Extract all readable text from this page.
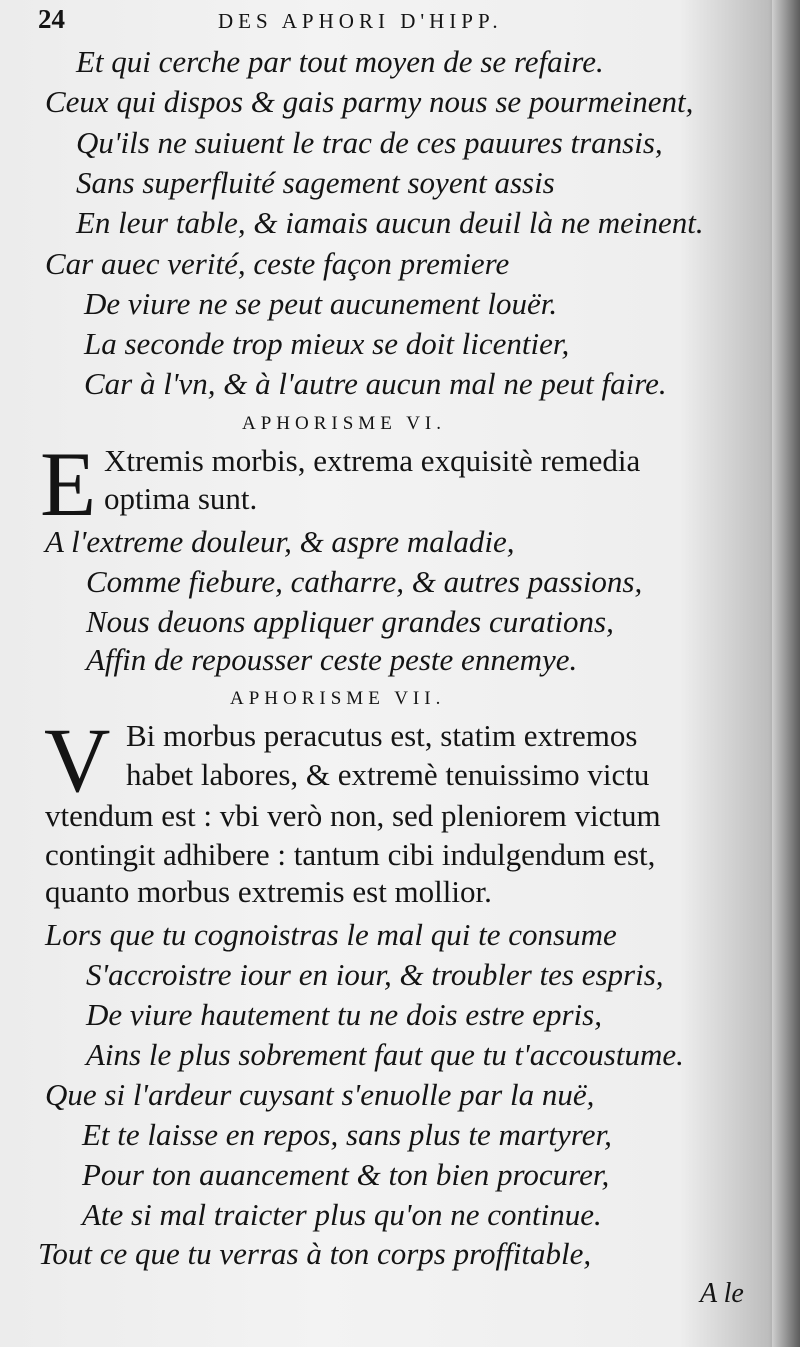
24	DES APHORI D'HIPP.
Et qui cerche par tout moyen de se refaire.
Ceux qui dispos & gais parmy nous se pourmeinent,
Qu'ils ne suiuent le trac de ces pauures transis,
Sans superfluité sagement soyent assis
En leur table, & iamais aucun deuil là ne meinent.
Car auec verité, ceste façon premiere
De viure ne se peut aucunement louër.
La seconde trop mieux se doit licentier,
Car à l'vn, & à l'autre aucun mal ne peut faire.
APHORISME VI.
E Xtremis morbis, extrema exquisitè remedia
optima sunt.
A l'extreme douleur, & aspre maladie,
Comme fiebure, catharre, & autres passions,
Nous deuons appliquer grandes curations,
Affin de repousser ceste peste ennemye.
APHORISME VII.
V Bi morbus peracutus est, statim extremos
habet labores, & extremè tenuissimo victu
vtendum est : vbi verò non, sed pleniorem victum
contingit adhibere : tantum cibi indulgendum est,
quanto morbus extremis est mollior.
Lors que tu cognoistras le mal qui te consume
S'accroistre iour en iour, & troubler tes espris,
De viure hautement tu ne dois estre epris,
Ains le plus sobrement faut que tu t'accoustume.
Que si l'ardeur cuysant s'enuolle par la nuë,
Et te laisse en repos, sans plus te martyrer,
Pour ton auancement & ton bien procurer,
Ate si mal traicter plus qu'on ne continue.
Tout ce que tu verras à ton corps proffitable,
A le
